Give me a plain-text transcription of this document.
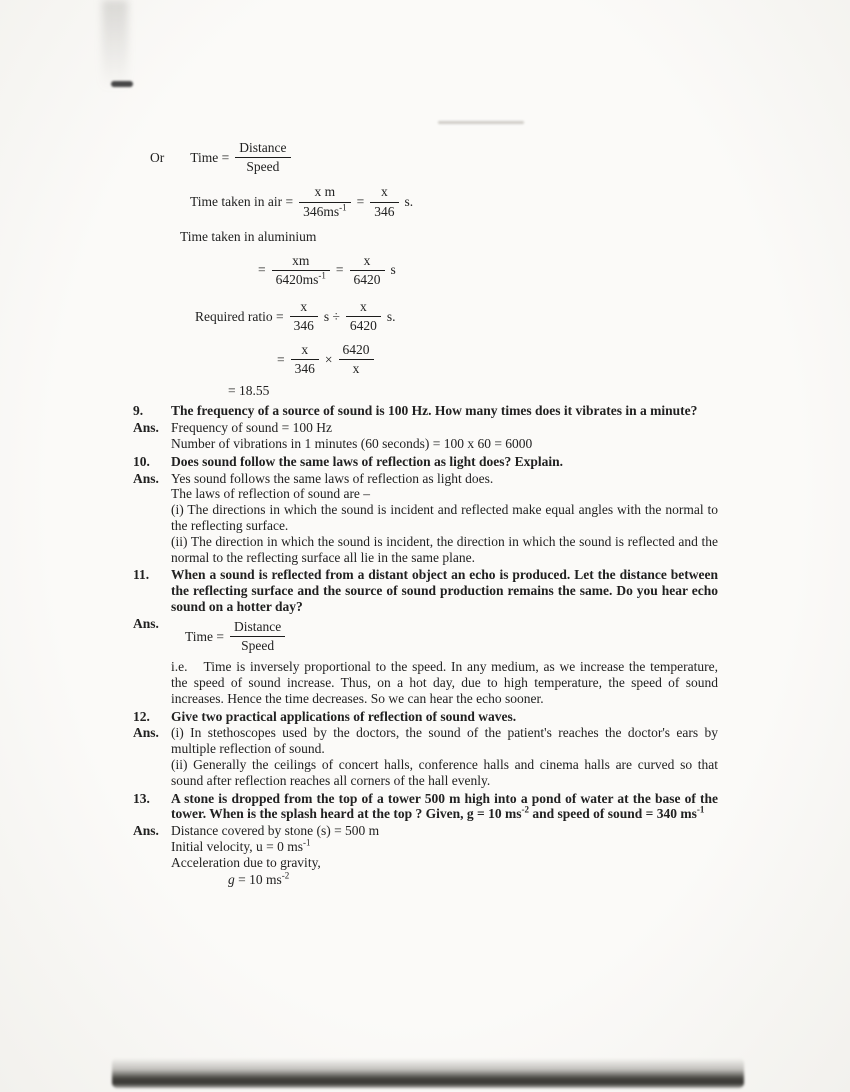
Or Time = $\frac{\text{Distance}}{\text{Speed}}$
Time taken in air = $\frac{\text{x m}}{346ms^{-1}} = \frac{x}{346} s$.
Time taken in aluminium
= $\frac{xm}{6420ms^{-1}} = \frac{x}{6420}$ s
Required ratio = $\frac{x}{346}$ $s \div \frac{x}{6420} s$.
= $\frac{x}{346} \times \frac{6420}{x}$
= 18.55
9.	The frequency of a source of sound is 100 Hz. How many times does it vibrates in a minute?
Ans. Frequency of sound = 100 Hz
Number of vibrations in 1 minutes (60 seconds) = 100 x 60 = 6000
10.	Does sound follow the same laws of reflection as light does? Explain.
Ans. Yes sound follows the same laws of reflection as light does.
The laws of reflection of sound are –
(i) The directions in which the sound is incident and reflected make equal angles with the normal to the reflecting surface.
(ii) The direction in which the sound is incident, the direction in which the sound is reflected and the normal to the reflecting surface all lie in the same plane.
11.	When a sound is reflected from a distant object an echo is produced. Let the distance between the reflecting surface and the source of sound production remains the same. Do you hear echo sound on a hotter day?
Ans.
Time = $\frac{\text{Distance}}{\text{Speed}}$
i.e. Time is inversely proportional to the speed. In any medium, as we increase the temperature, the speed of sound increase. Thus, on a hot day, due to high temperature, the speed of sound increases. Hence the time decreases. So we can hear the echo sooner.
12.	Give two practical applications of reflection of sound waves.
Ans. (i) In stethoscopes used by the doctors, the sound of the patient's reaches the doctor's ears by multiple reflection of sound.
(ii) Generally the ceilings of concert halls, conference halls and cinema halls are curved so that sound after reflection reaches all corners of the hall evenly.
13.	A stone is dropped from the top of a tower 500 m high into a pond of water at the base of the tower. When is the splash heard at the top ? Given, g = 10 $ms^{-2}$ and speed of sound = 340 $ms^{-1}$
Ans. Distance covered by stone (s) = 500 m
Initial velocity, u = 0 $ms^{-1}$
Acceleration due to gravity,
g = 10 $ms^{-2}$
